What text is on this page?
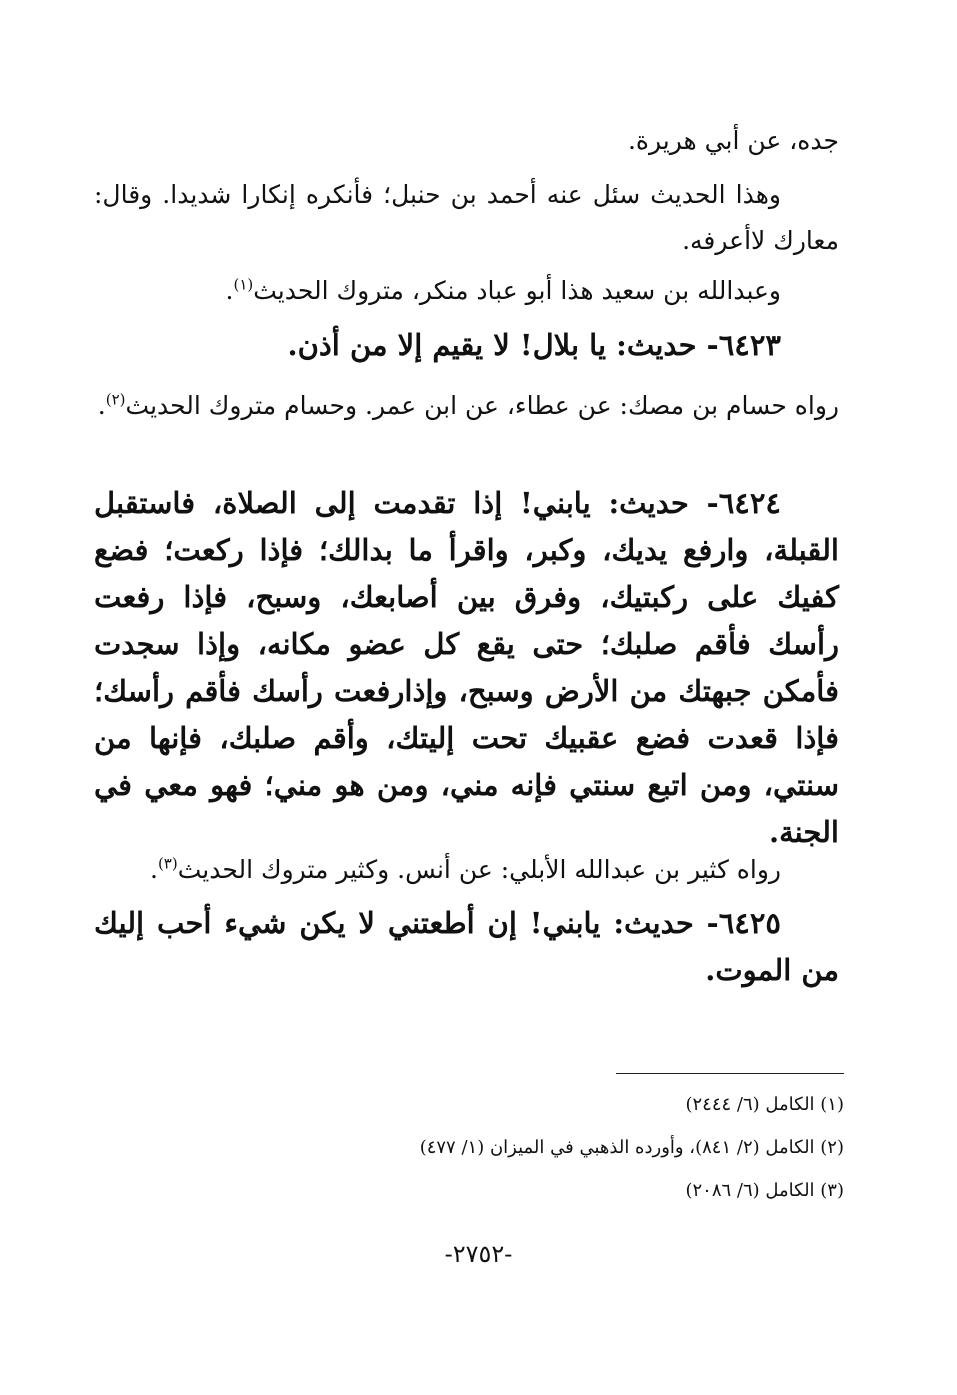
جده، عن أبي هريرة.
وهذا الحديث سئل عنه أحمد بن حنبل؛ فأنكره إنكارا شديدا. وقال: معارك لاأعرفه.
وعبدالله بن سعيد هذا أبو عباد منكر، متروك الحديث$^{(١)}$.
٦٤٢٣- حديث: يا بلال! لا يقيم إلا من أذن.
رواه حسام بن مصك: عن عطاء، عن ابن عمر. وحسام متروك الحديث$^{(٢)}$.
٦٤٢٤- حديث: يابني! إذا تقدمت إلى الصلاة، فاستقبل القبلة، وارفع يديك، وكبر، واقرأ ما بدالك؛ فإذا ركعت؛ فضع كفيك على ركبتيك، وفرق بين أصابعك، وسبح، فإذا رفعت رأسك فأقم صلبك؛ حتى يقع كل عضو مكانه، وإذا سجدت فأمكن جبهتك من الأرض وسبح، وإذارفعت رأسك فأقم رأسك؛ فإذا قعدت فضع عقبيك تحت إليتك، وأقم صلبك، فإنها من سنتي، ومن اتبع سنتي فإنه مني، ومن هو مني؛ فهو معي في الجنة.
رواه كثير بن عبدالله الأبلي: عن أنس. وكثير متروك الحديث$^{(٣)}$.
٦٤٢٥- حديث: يابني! إن أطعتني لا يكن شيء أحب إليك من الموت.
(١) الكامل (٦/ ٢٤٤٤)
(٢) الكامل (٢/ ٨٤١)، وأورده الذهبي في الميزان (١/ ٤٧٧)
(٣) الكامل (٦/ ٢٠٨٦)
-٢٧٥٢-
